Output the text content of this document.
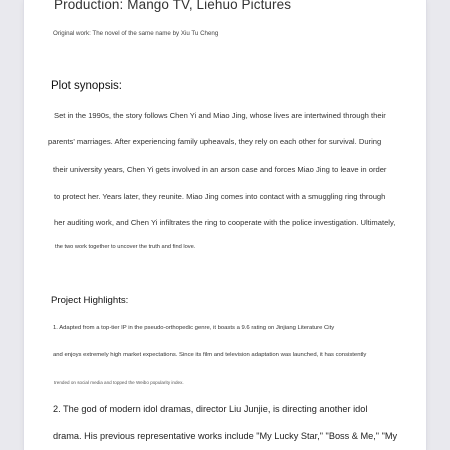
Production: Mango TV, Liehuo Pictures
Original work: The novel of the same name by Xiu Tu Cheng
Plot synopsis:
Set in the 1990s, the story follows Chen Yi and Miao Jing, whose lives are intertwined through their
parents' marriages. After experiencing family upheavals, they rely on each other for survival. During
their university years, Chen Yi gets involved in an arson case and forces Miao Jing to leave in order
to protect her. Years later, they reunite. Miao Jing comes into contact with a smuggling ring through
her auditing work, and Chen Yi infiltrates the ring to cooperate with the police investigation. Ultimately,
the two work together to uncover the truth and find love.
Project Highlights:
1. Adapted from a top-tier IP in the pseudo-orthopedic genre, it boasts a 9.6 rating on Jinjiang Literature City
and enjoys extremely high market expectations. Since its film and television adaptation was launched, it has consistently
trended on social media and topped the Weibo popularity index.
2. The god of modern idol dramas, director Liu Junjie, is directing another idol
drama. His previous representative works include "My Lucky Star," "Boss & Me," "My
